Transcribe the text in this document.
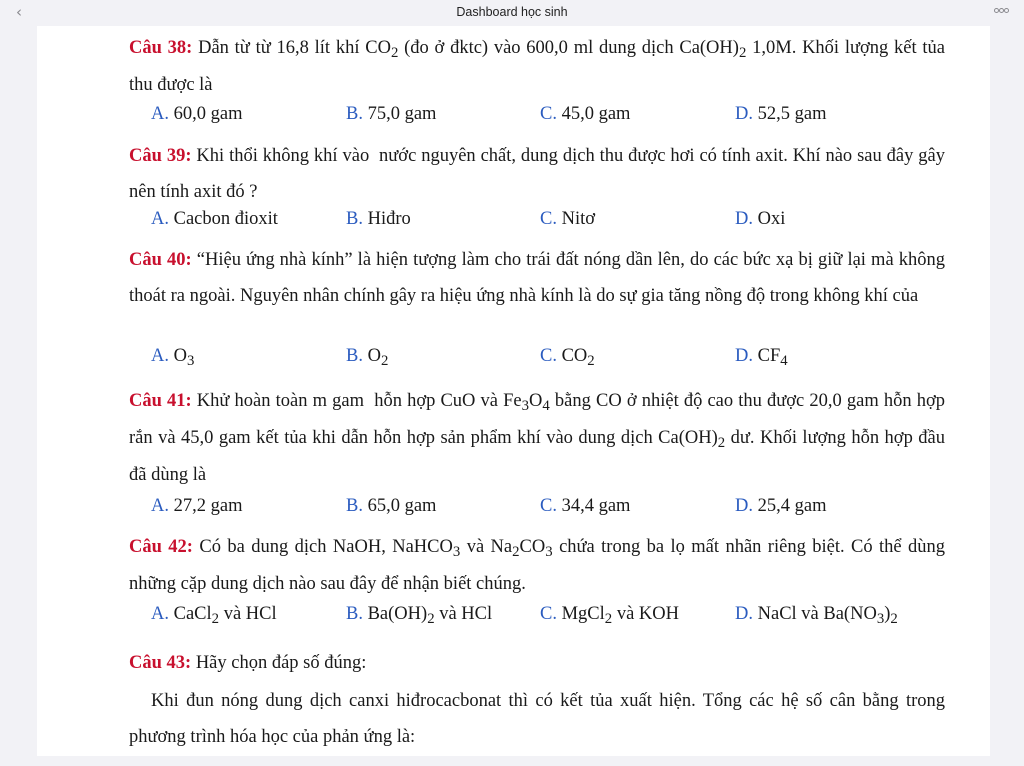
‹	Dashboard học sinh
Câu 38: Dẫn từ từ 16,8 lít khí $CO_2$ (đo ở đktc) vào 600,0 ml dung dịch $Ca(OH)_2$ 1,0M. Khối lượng kết tủa thu được là
A. 60,0 gam	B. 75,0 gam	C. 45,0 gam	D. 52,5 gam
Câu 39: Khi thổi không khí vào  nước nguyên chất, dung dịch thu được hơi có tính axit. Khí nào sau đây gây nên tính axit đó ?
A. Cacbon đioxit	B. Hiđro	C. Nitơ	D. Oxi
Câu 40: “Hiệu ứng nhà kính” là hiện tượng làm cho trái đất nóng dần lên, do các bức xạ bị giữ lại mà không thoát ra ngoài. Nguyên nhân chính gây ra hiệu ứng nhà kính là do sự gia tăng nồng độ trong không khí của
A. $O_3$	B. $O_2$	C. $CO_2$	D. $CF_4$
Câu 41: Khử hoàn toàn m gam  hỗn hợp CuO và $Fe_3O_4$ bằng CO ở nhiệt độ cao thu được 20,0 gam hỗn hợp rắn và 45,0 gam kết tủa khi dẫn hỗn hợp sản phẩm khí vào dung dịch $Ca(OH)_2$ dư. Khối lượng hỗn hợp đầu đã dùng là
A. 27,2 gam	B. 65,0 gam	C. 34,4 gam	D. 25,4 gam
Câu 42: Có ba dung dịch NaOH, NaHCO$_3$ và $Na_2CO_3$ chứa trong ba lọ mất nhãn riêng biệt. Có thể dùng những cặp dung dịch nào sau đây để nhận biết chúng.
A. CaCl$_2$ và HCl	B. $Ba(OH)_2$ và HCl	C. MgCl$_2$ và KOH	D. NaCl và $Ba(NO_3)_2$
Câu 43: Hãy chọn đáp số đúng:
Khi đun nóng dung dịch canxi hiđrocacbonat thì có kết tủa xuất hiện. Tổng các hệ số cân bằng trong phương trình hóa học của phản ứng là:
